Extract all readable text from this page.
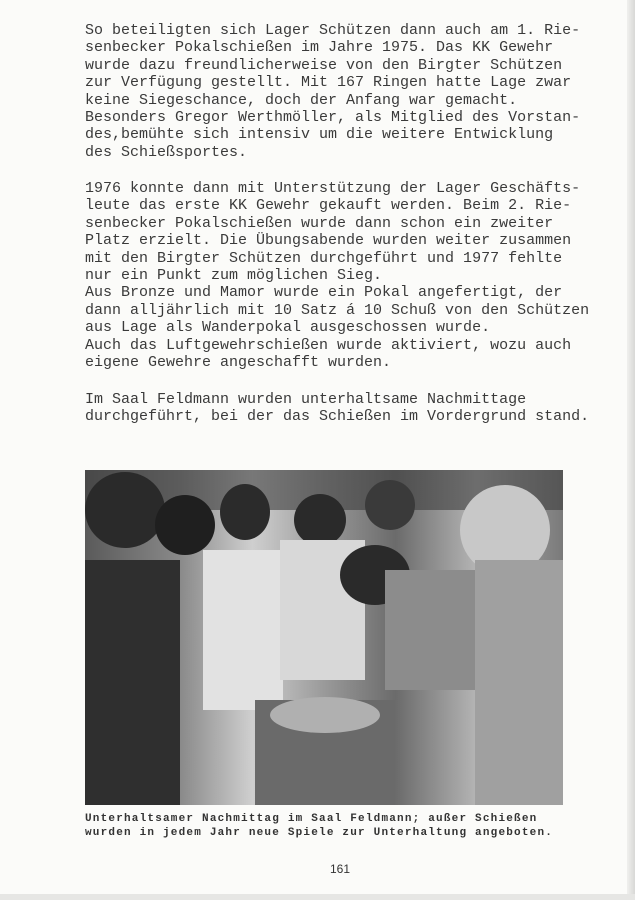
So beteiligten sich Lager Schützen dann auch am 1. Rie-
senbecker Pokalschießen im Jahre 1975. Das KK Gewehr
wurde dazu freundlicherweise von den Birgter Schützen
zur Verfügung gestellt. Mit 167 Ringen hatte Lage zwar
keine Siegeschance, doch der Anfang war gemacht.
Besonders Gregor Werthmöller, als Mitglied des Vorstan-
des,bemühte sich intensiv um die weitere Entwicklung
des Schießsportes.
1976 konnte dann mit Unterstützung der Lager Geschäfts-
leute das erste KK Gewehr gekauft werden. Beim 2. Rie-
senbecker Pokalschießen wurde dann schon ein zweiter
Platz erzielt. Die Übungsabende wurden weiter zusammen
mit den Birgter Schützen durchgeführt und 1977 fehlte
nur ein Punkt zum möglichen Sieg.
Aus Bronze und Mamor wurde ein Pokal angefertigt, der
dann alljährlich mit 10 Satz á 10 Schuß von den Schützen
aus Lage als Wanderpokal ausgeschossen wurde.
Auch das Luftgewehrschießen wurde aktiviert, wozu auch
eigene Gewehre angeschafft wurden.
Im Saal Feldmann wurden unterhaltsame Nachmittage
durchgeführt, bei der das Schießen im Vordergrund stand.
Unterhaltsamer Nachmittag im Saal Feldmann; außer Schießen
wurden in jedem Jahr neue Spiele zur Unterhaltung angeboten.
161
